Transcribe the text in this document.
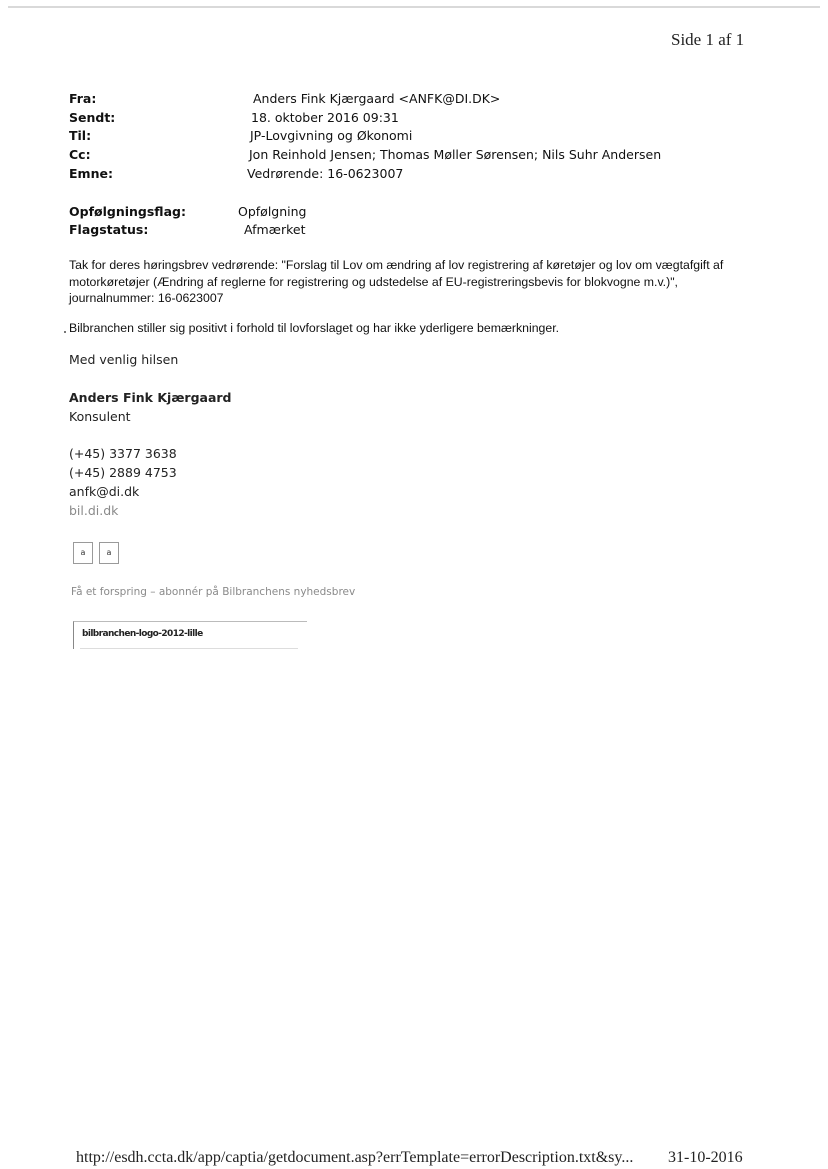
Side 1 af 1
Fra:	Anders Fink Kjærgaard <ANFK@DI.DK>
Sendt:	18. oktober 2016 09:31
Til:	JP-Lovgivning og Økonomi
Cc:	Jon Reinhold Jensen; Thomas Møller Sørensen; Nils Suhr Andersen
Emne:	Vedrørende: 16-0623007
Opfølgningsflag:	Opfølgning
Flagstatus:	Afmærket
Tak for deres høringsbrev vedrørende: "Forslag til Lov om ændring af lov registrering af køretøjer og lov om vægtafgift af motorkøretøjer (Ændring af reglerne for registrering og udstedelse af EU-registreringsbevis for blokvogne m.v.)", journalnummer: 16-0623007
Bilbranchen stiller sig positivt i forhold til lovforslaget og har ikke yderligere bemærkninger.
Med venlig hilsen
Anders Fink Kjærgaard
Konsulent
(+45) 3377 3638
(+45) 2889 4753
anfk@di.dk
bil.di.dk
a	a
Få et forspring – abonnér på Bilbranchens nyhedsbrev
bilbranchen-logo-2012-lille
http://esdh.ccta.dk/app/captia/getdocument.asp?errTemplate=errorDescription.txt&sy... 31-10-2016
